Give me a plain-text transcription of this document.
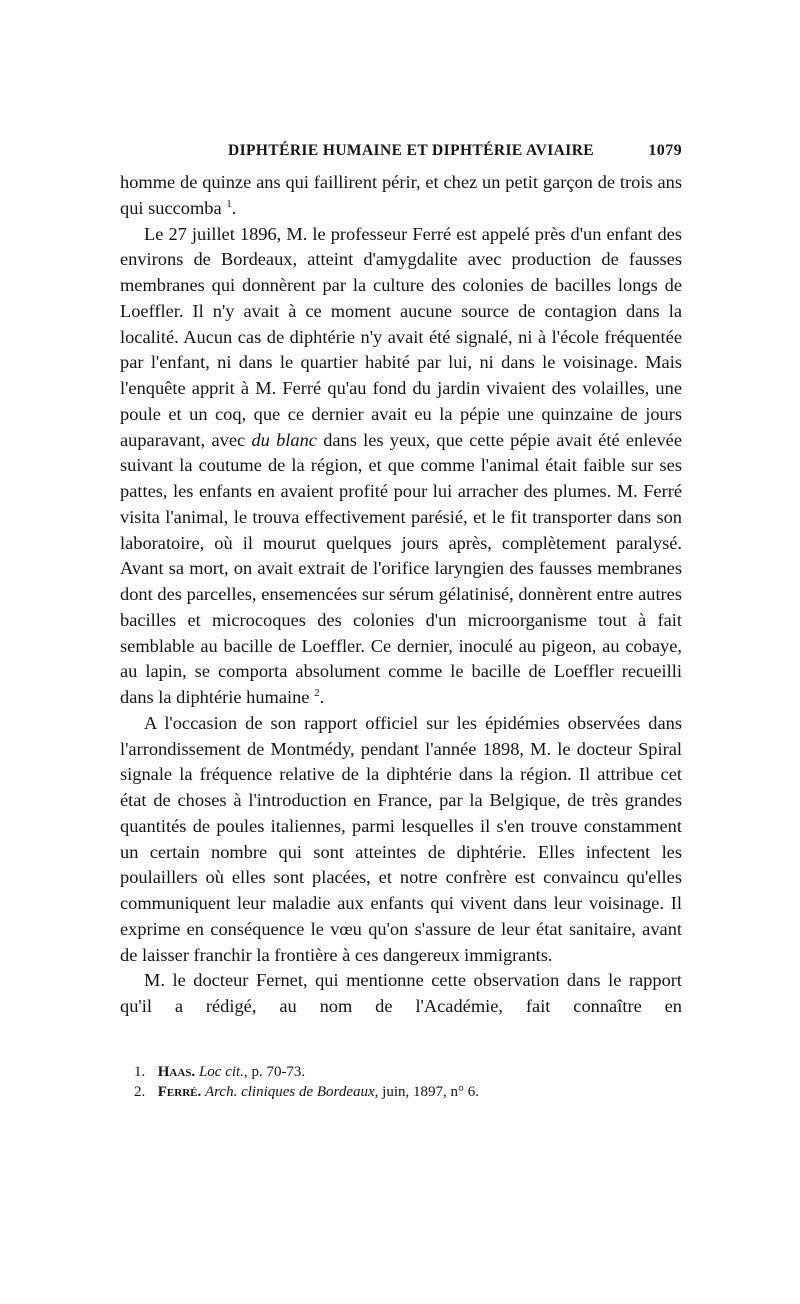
DIPHTÉRIE HUMAINE ET DIPHTÉRIE AVIAIRE	1079

homme de quinze ans qui faillirent périr, et chez un petit garçon de trois ans qui succomba $^1$.

Le 27 juillet 1896, M. le professeur Ferré est appelé près d'un enfant des environs de Bordeaux, atteint d'amygdalite avec production de fausses membranes qui donnèrent par la culture des colonies de bacilles longs de Loeffler. Il n'y avait à ce moment aucune source de contagion dans la localité. Aucun cas de diphtérie n'y avait été signalé, ni à l'école fréquentée par l'enfant, ni dans le quartier habité par lui, ni dans le voisinage. Mais l'enquête apprit à M. Ferré qu'au fond du jardin vivaient des volailles, une poule et un coq, que ce dernier avait eu la pépie une quinzaine de jours auparavant, avec du blanc dans les yeux, que cette pépie avait été enlevée suivant la coutume de la région, et que comme l'animal était faible sur ses pattes, les enfants en avaient profité pour lui arracher des plumes. M. Ferré visita l'animal, le trouva effectivement parésié, et le fit transporter dans son laboratoire, où il mourut quelques jours après, complètement paralysé. Avant sa mort, on avait extrait de l'orifice laryngien des fausses membranes dont des parcelles, ensemencées sur sérum gélatinisé, donnèrent entre autres bacilles et microcoques des colonies d'un microorganisme tout à fait semblable au bacille de Loeffler. Ce dernier, inoculé au pigeon, au cobaye, au lapin, se comporta absolument comme le bacille de Loeffler recueilli dans la diphtérie humaine $^2$.

A l'occasion de son rapport officiel sur les épidémies observées dans l'arrondissement de Montmédy, pendant l'année 1898, M. le docteur Spiral signale la fréquence relative de la diphtérie dans la région. Il attribue cet état de choses à l'introduction en France, par la Belgique, de très grandes quantités de poules italiennes, parmi lesquelles il s'en trouve constamment un certain nombre qui sont atteintes de diphtérie. Elles infectent les poulaillers où elles sont placées, et notre confrère est convaincu qu'elles communiquent leur maladie aux enfants qui vivent dans leur voisinage. Il exprime en conséquence le vœu qu'on s'assure de leur état sanitaire, avant de laisser franchir la frontière à ces dangereux immigrants.

M. le docteur Fernet, qui mentionne cette observation dans le rapport qu'il a rédigé, au nom de l'Académie, fait connaître en

1. Haas. Loc cit., p. 70-73.
2. Ferré. Arch. cliniques de Bordeaux, juin, 1897, n° 6.
